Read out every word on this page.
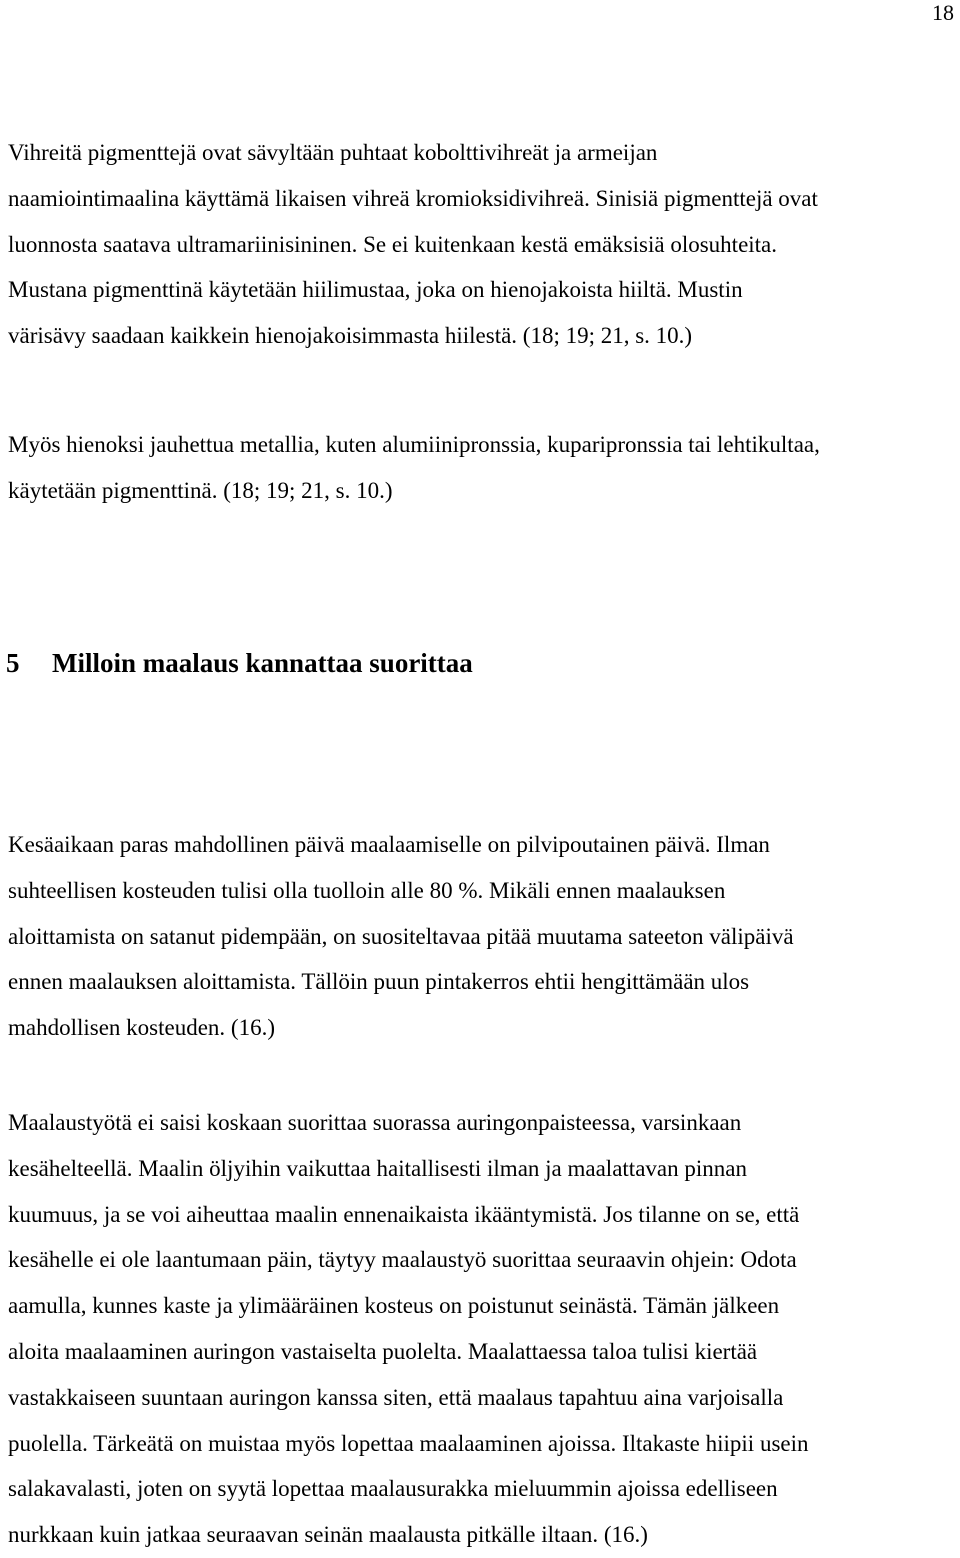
18

Vihreitä pigmenttejä ovat sävyltään puhtaat kobolttivihreät ja armeijan
naamiointimaalina käyttämä likaisen vihreä kromioksidivihreä. Sinisiä pigmenttejä ovat
luonnosta saatava ultramariinisininen. Se ei kuitenkaan kestä emäksisiä olosuhteita.
Mustana pigmenttinä käytetään hiilimustaa, joka on hienojakoista hiiltä. Mustin
värisävy saadaan kaikkein hienojakoisimmasta hiilestä. (18; 19; 21, s. 10.)

Myös hienoksi jauhettua metallia, kuten alumiinipronssia, kuparipronssia tai lehtikultaa,
käytetään pigmenttinä. (18; 19; 21, s. 10.)

5 Milloin maalaus kannattaa suorittaa

Kesäaikaan paras mahdollinen päivä maalaamiselle on pilvipoutainen päivä. Ilman
suhteellisen kosteuden tulisi olla tuolloin alle 80 %. Mikäli ennen maalauksen
aloittamista on satanut pidempään, on suositeltavaa pitää muutama sateeton välipäivä
ennen maalauksen aloittamista. Tällöin puun pintakerros ehtii hengittämään ulos
mahdollisen kosteuden. (16.)

Maalaustyötä ei saisi koskaan suorittaa suorassa auringonpaisteessa, varsinkaan
kesähelteellä. Maalin öljyihin vaikuttaa haitallisesti ilman ja maalattavan pinnan
kuumuus, ja se voi aiheuttaa maalin ennenaikaista ikääntymistä. Jos tilanne on se, että
kesähelle ei ole laantumaan päin, täytyy maalaustyö suorittaa seuraavin ohjein: Odota
aamulla, kunnes kaste ja ylimääräinen kosteus on poistunut seinästä. Tämän jälkeen
aloita maalaaminen auringon vastaiselta puolelta. Maalattaessa taloa tulisi kiertää
vastakkaiseen suuntaan auringon kanssa siten, että maalaus tapahtuu aina varjoisalla
puolella. Tärkeätä on muistaa myös lopettaa maalaaminen ajoissa. Iltakaste hiipii usein
salakavalasti, joten on syytä lopettaa maalausurakka mieluummin ajoissa edelliseen
nurkkaan kuin jatkaa seuraavan seinän maalausta pitkälle iltaan. (16.)
